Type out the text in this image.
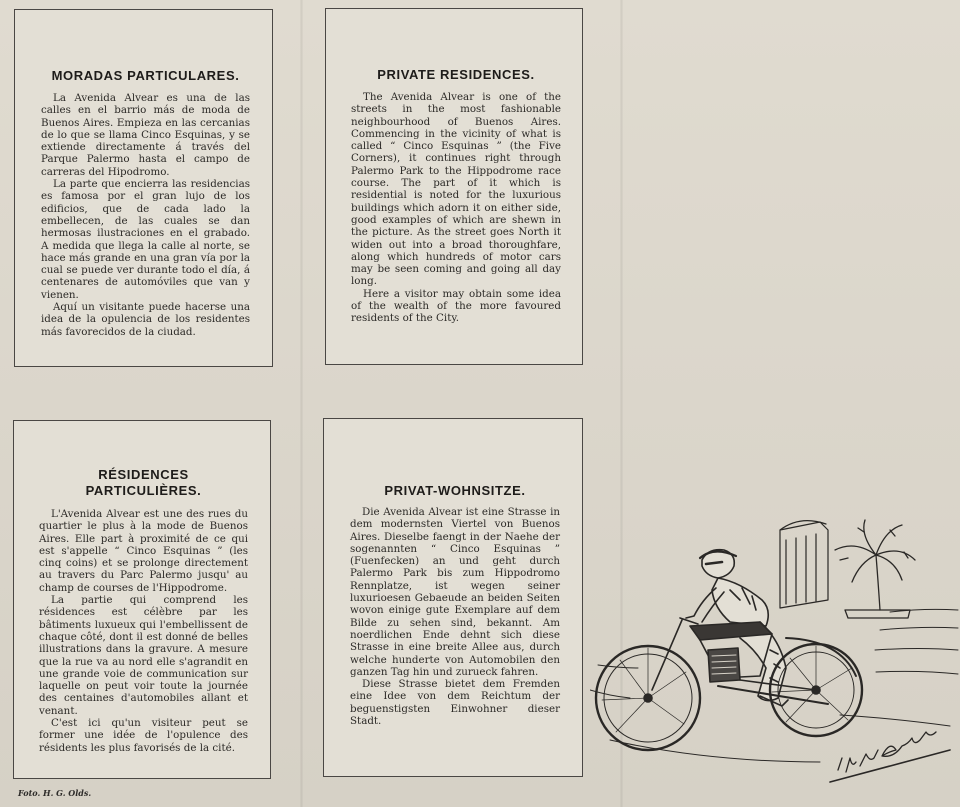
MORADAS PARTICULARES.

La Avenida Alvear es una de las calles en el barrio más de moda de Buenos Aires. Empieza en las cercanias de lo que se llama Cinco Esquinas, y se extiende directamente á través del Parque Palermo hasta el campo de carreras del Hipodromo.

La parte que encierra las residencias es famosa por el gran lujo de los edificios, que de cada lado la embellecen, de las cuales se dan hermosas ilustraciones en el grabado. A medida que llega la calle al norte, se hace más grande en una gran vía por la cual se puede ver durante todo el día, á centenares de automóviles que van y vienen.

Aquí un visitante puede hacerse una idea de la opulencia de los residentes más favorecidos de la ciudad.

PRIVATE RESIDENCES.

The Avenida Alvear is one of the streets in the most fashionable neighbourhood of Buenos Aires. Commencing in the vicinity of what is called “ Cinco Esquinas ” (the Five Corners), it continues right through Palermo Park to the Hippodrome race course. The part of it which is residential is noted for the luxurious buildings which adorn it on either side, good examples of which are shewn in the picture. As the street goes North it widen out into a broad thoroughfare, along which hundreds of motor cars may be seen coming and going all day long.

Here a visitor may obtain some idea of the wealth of the more favoured residents of the City.

RÉSIDENCES
PARTICULIÈRES.

L'Avenida Alvear est une des rues du quartier le plus à la mode de Buenos Aires. Elle part à proximité de ce qui est s'appelle “ Cinco Esquinas ” (les cinq coins) et se prolonge directement au travers du Parc Palermo jusqu' au champ de courses de l'Hippodrome.

La partie qui comprend les résidences est célèbre par les bâtiments luxueux qui l'embellissent de chaque côté, dont il est donné de belles illustrations dans la gravure. A mesure que la rue va au nord elle s'agrandit en une grande voie de communication sur laquelle on peut voir toute la journée des centaines d'automobiles allant et venant.

C'est ici qu'un visiteur peut se former une idée de l'opulence des résidents les plus favorisés de la cité.

PRIVAT-WOHNSITZE.

Die Avenida Alvear ist eine Strasse in dem modernsten Viertel von Buenos Aires. Dieselbe faengt in der Naehe der sogenannten “ Cinco Esquinas ” (Fuenfecken) an und geht durch Palermo Park bis zum Hippodromo Rennplatze, ist wegen seiner luxurioesen Gebaeude an beiden Seiten wovon einige gute Exemplare auf dem Bilde zu sehen sind, bekannt. Am noerdlichen Ende dehnt sich diese Strasse in eine breite Allee aus, durch welche hunderte von Automobilen den ganzen Tag hin und zurueck fahren.

Diese Strasse bietet dem Fremden eine Idee von dem Reichtum der beguenstigsten Einwohner dieser Stadt.

Foto. H. G. Olds.
